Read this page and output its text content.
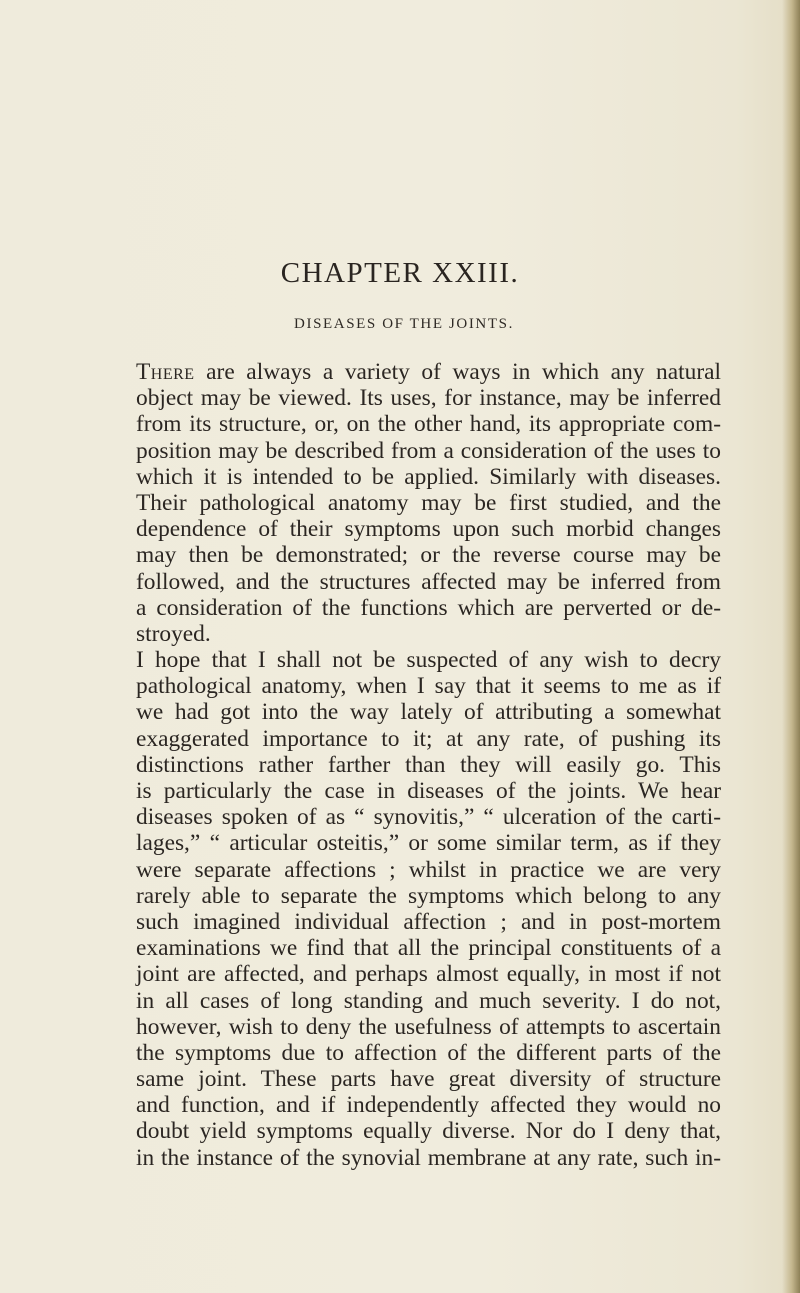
CHAPTER XXIII.
DISEASES OF THE JOINTS.
There are always a variety of ways in which any natural
object may be viewed. Its uses, for instance, may be inferred
from its structure, or, on the other hand, its appropriate com-
position may be described from a consideration of the uses to
which it is intended to be applied. Similarly with diseases.
Their pathological anatomy may be first studied, and the
dependence of their symptoms upon such morbid changes
may then be demonstrated; or the reverse course may be
followed, and the structures affected may be inferred from
a consideration of the functions which are perverted or de-
stroyed.
I hope that I shall not be suspected of any wish to decry
pathological anatomy, when I say that it seems to me as if
we had got into the way lately of attributing a somewhat
exaggerated importance to it; at any rate, of pushing its
distinctions rather farther than they will easily go. This
is particularly the case in diseases of the joints. We hear
diseases spoken of as “ synovitis,” “ ulceration of the carti-
lages,” “ articular osteitis,” or some similar term, as if they
were separate affections ; whilst in practice we are very
rarely able to separate the symptoms which belong to any
such imagined individual affection ; and in post-mortem
examinations we find that all the principal constituents of a
joint are affected, and perhaps almost equally, in most if not
in all cases of long standing and much severity. I do not,
however, wish to deny the usefulness of attempts to ascertain
the symptoms due to affection of the different parts of the
same joint. These parts have great diversity of structure
and function, and if independently affected they would no
doubt yield symptoms equally diverse. Nor do I deny that,
in the instance of the synovial membrane at any rate, such in-
